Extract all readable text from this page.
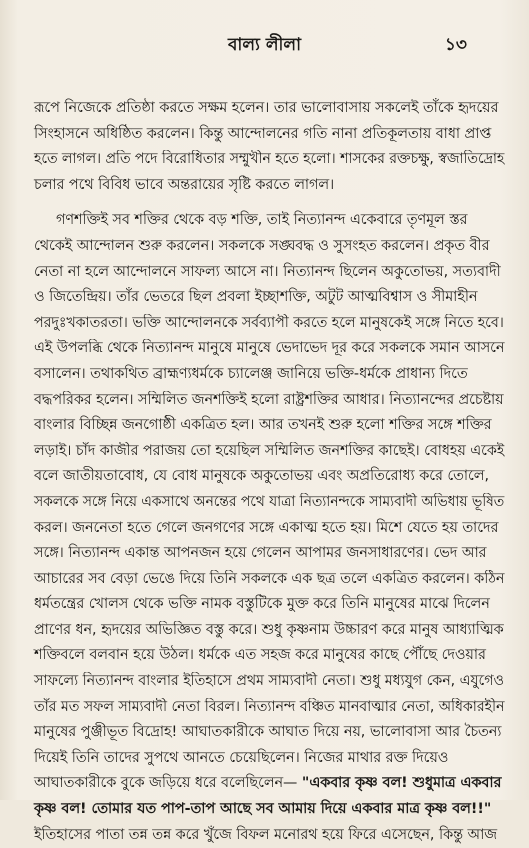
বাল্য লীলা	১৩

রূপে নিজেকে প্রতিষ্ঠা করতে সক্ষম হলেন। তার ভালোবাসায় সকলেই তাঁকে হৃদয়ের

সিংহাসনে অধিষ্ঠিত করলেন। কিন্তু আন্দোলনের গতি নানা প্রতিকূলতায় বাধা প্রাপ্ত

হতে লাগল। প্রতি পদে বিরোধিতার সম্মুখীন হতে হলো। শাসকের রক্তচক্ষু, স্বজাতিদ্রোহ

চলার পথে বিবিধ ভাবে অন্তরায়ের সৃষ্টি করতে লাগল।

গণশক্তিই সব শক্তির থেকে বড় শক্তি, তাই নিত্যানন্দ একেবারে তৃণমূল স্তর

থেকেই আন্দোলন শুরু করলেন। সকলকে সঙ্ঘবদ্ধ ও সুসংহত করলেন। প্রকৃত বীর

নেতা না হলে আন্দোলনে সাফল্য আসে না। নিত্যানন্দ ছিলেন অকুতোভয়, সত্যবাদী

ও জিতেন্দ্রিয়। তাঁর ভেতরে ছিল প্রবলা ইচ্ছাশক্তি, অটুট আত্মবিশ্বাস ও সীমাহীন

পরদুঃখকাতরতা। ভক্তি আন্দোলনকে সর্বব্যাপী করতে হলে মানুষকেই সঙ্গে নিতে হবে।

এই উপলব্ধি থেকে নিত্যানন্দ মানুষে মানুষে ভেদাভেদ দূর করে সকলকে সমান আসনে

বসালেন। তথাকথিত ব্রাহ্মণ্যধর্মকে চ্যালেঞ্জ জানিয়ে ভক্তি-ধর্মকে প্রাধান্য দিতে

বদ্ধপরিকর হলেন। সম্মিলিত জনশক্তিই হলো রাষ্ট্রশক্তির আধার। নিত্যানন্দের প্রচেষ্টায়

বাংলার বিচ্ছিন্ন জনগোষ্ঠী একত্রিত হল। আর তখনই শুরু হলো শক্তির সঙ্গে শক্তির

লড়াই। চাঁদ কাজীর পরাজয় তো হয়েছিল সম্মিলিত জনশক্তির কাছেই। বোধহয় একেই

বলে জাতীয়তাবোধ, যে বোধ মানুষকে অকুতোভয় এবং অপ্রতিরোধ্য করে তোলে,

সকলকে সঙ্গে নিয়ে একসাথে অনন্তের পথে যাত্রা নিত্যানন্দকে সাম্যবাদী অভিধায় ভূষিত

করল। জননেতা হতে গেলে জনগণের সঙ্গে একাত্ম হতে হয়। মিশে যেতে হয় তাদের

সঙ্গে। নিত্যানন্দ একান্ত আপনজন হয়ে গেলেন আপামর জনসাধারণের। ভেদ আর

আচারের সব বেড়া ভেঙে দিয়ে তিনি সকলকে এক ছত্র তলে একত্রিত করলেন। কঠিন

ধর্মতন্ত্রের খোলস থেকে ভক্তি নামক বস্তুটিকে মুক্ত করে তিনি মানুষের মাঝে দিলেন

প্রাণের ধন, হৃদয়ের অভিজ্ঞিত বস্তু করে। শুধু কৃষ্ণনাম উচ্চারণ করে মানুষ আধ্যাত্মিক

শক্তিবলে বলবান হয়ে উঠল। ধর্মকে এত সহজ করে মানুষের কাছে পৌঁছে দেওয়ার

সাফল্যে নিত্যানন্দ বাংলার ইতিহাসে প্রথম সাম্যবাদী নেতা। শুধু মধ্যযুগ কেন, এযুগেও

তাঁর মত সফল সাম্যবাদী নেতা বিরল। নিত্যানন্দ বঞ্চিত মানবাত্মার নেতা, অধিকারহীন

মানুষের পুঞ্জীভূত বিদ্রোহ! আঘাতকারীকে আঘাত দিয়ে নয়, ভালোবাসা আর চৈতন্য

দিয়েই তিনি তাদের সুপথে আনতে চেয়েছিলেন। নিজের মাথার রক্ত দিয়েও

আঘাতকারীকে বুকে জড়িয়ে ধরে বলেছিলেন— "একবার কৃষ্ণ বল! শুধুমাত্র একবার

কৃষ্ণ বল! তোমার যত পাপ-তাপ আছে সব আমায় দিয়ে একবার মাত্র কৃষ্ণ বল!!"

ইতিহাসের পাতা তন্ন তন্ন করে খুঁজে বিফল মনোরথ হয়ে ফিরে এসেছেন, কিন্তু আজ
